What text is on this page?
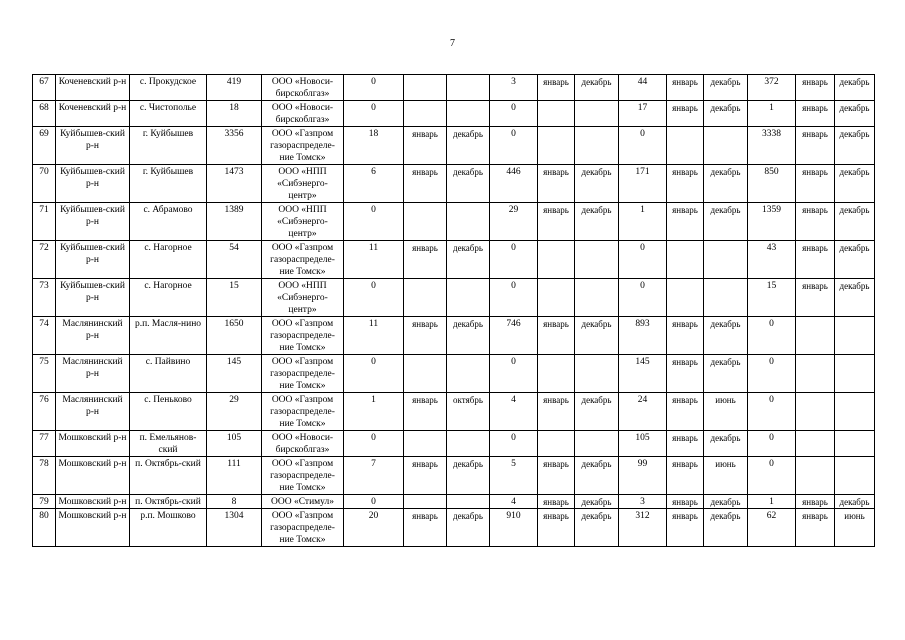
7
67	Коченевский р-н	с. Прокудское	419	ООО «Новоси-бирскоблгаз»	0			3	январь	декабрь	44	январь	декабрь	372	январь	декабрь
68	Коченевский р-н	с. Чистополье	18	ООО «Новоси-бирскоблгаз»	0			0			17	январь	декабрь	1	январь	декабрь
69	Куйбышев-ский р-н	г. Куйбышев	3356	ООО «Газпром газораспределе-ние Томск»	18	январь	декабрь	0			0			3338	январь	декабрь
70	Куйбышев-ский р-н	г. Куйбышев	1473	ООО «НПП «Сибэнерго-центр»	6	январь	декабрь	446	январь	декабрь	171	январь	декабрь	850	январь	декабрь
71	Куйбышев-ский р-н	с. Абрамово	1389	ООО «НПП «Сибэнерго-центр»	0			29	январь	декабрь	1	январь	декабрь	1359	январь	декабрь
72	Куйбышев-ский р-н	с. Нагорное	54	ООО «Газпром газораспределе-ние Томск»	11	январь	декабрь	0			0			43	январь	декабрь
73	Куйбышев-ский р-н	с. Нагорное	15	ООО «НПП «Сибэнерго-центр»	0			0			0			15	январь	декабрь
74	Маслянинский р-н	р.п. Масля-нино	1650	ООО «Газпром газораспределе-ние Томск»	11	январь	декабрь	746	январь	декабрь	893	январь	декабрь	0		
75	Маслянинский р-н	с. Пайвино	145	ООО «Газпром газораспределе-ние Томск»	0			0			145	январь	декабрь	0		
76	Маслянинский р-н	с. Пеньково	29	ООО «Газпром газораспределе-ние Томск»	1	январь	октябрь	4	январь	декабрь	24	январь	июнь	0		
77	Мошковский р-н	п. Емельянов-ский	105	ООО «Новоси-бирскоблгаз»	0			0			105	январь	декабрь	0		
78	Мошковский р-н	п. Октябрь-ский	111	ООО «Газпром газораспределе-ние Томск»	7	январь	декабрь	5	январь	декабрь	99	январь	июнь	0		
79	Мошковский р-н	п. Октябрь-ский	8	ООО «Стимул»	0			4	январь	декабрь	3	январь	декабрь	1	январь	декабрь
80	Мошковский р-н	р.п. Мошково	1304	ООО «Газпром газораспределе-ние Томск»	20	январь	декабрь	910	январь	декабрь	312	январь	декабрь	62	январь	июнь
